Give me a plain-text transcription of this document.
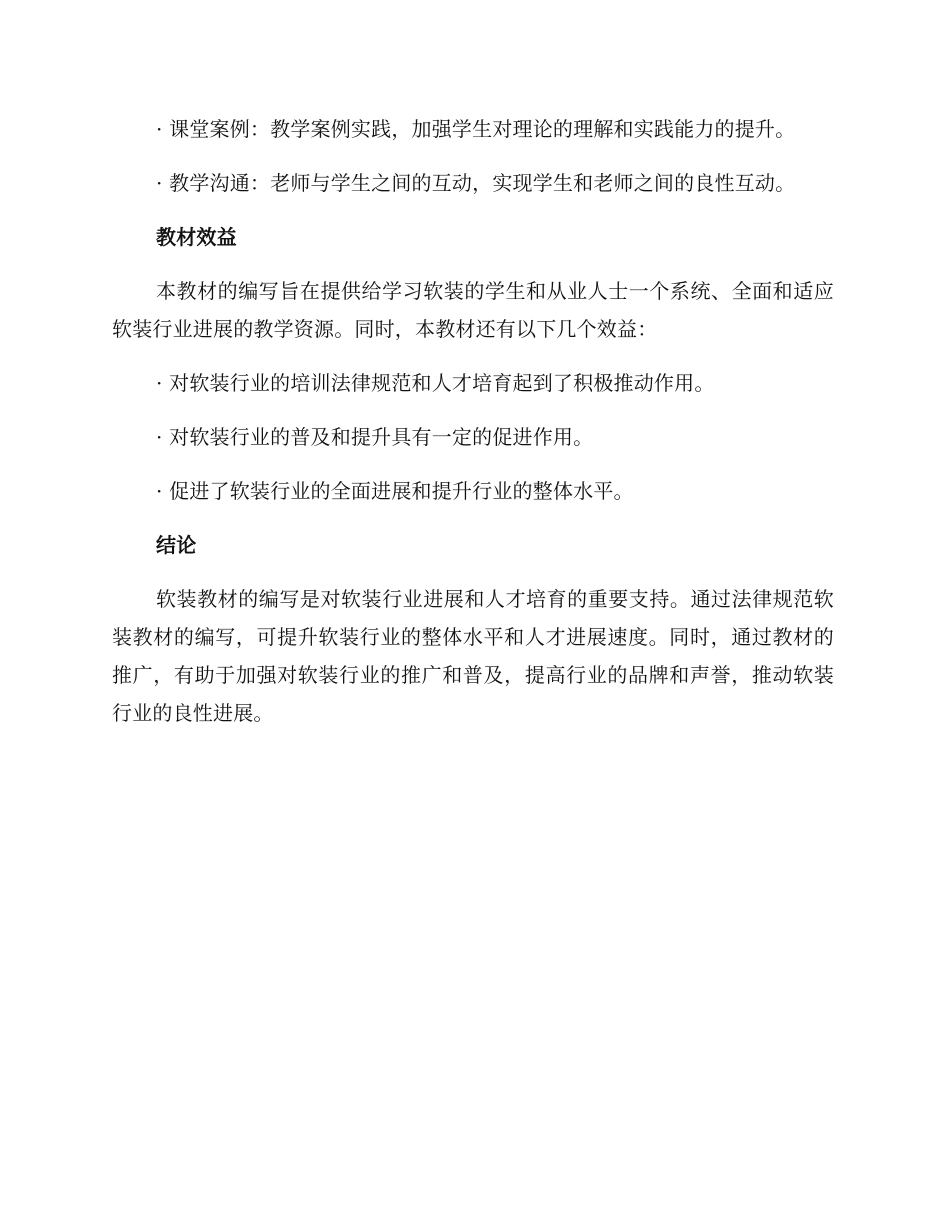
· 课堂案例：教学案例实践，加强学生对理论的理解和实践能力的提升。

· 教学沟通：老师与学生之间的互动，实现学生和老师之间的良性互动。

教材效益

本教材的编写旨在提供给学习软装的学生和从业人士一个系统、全面和适应软装行业进展的教学资源。同时，本教材还有以下几个效益：

· 对软装行业的培训法律规范和人才培育起到了积极推动作用。

· 对软装行业的普及和提升具有一定的促进作用。

· 促进了软装行业的全面进展和提升行业的整体水平。

结论

软装教材的编写是对软装行业进展和人才培育的重要支持。通过法律规范软装教材的编写，可提升软装行业的整体水平和人才进展速度。同时，通过教材的推广，有助于加强对软装行业的推广和普及，提高行业的品牌和声誉，推动软装行业的良性进展。
